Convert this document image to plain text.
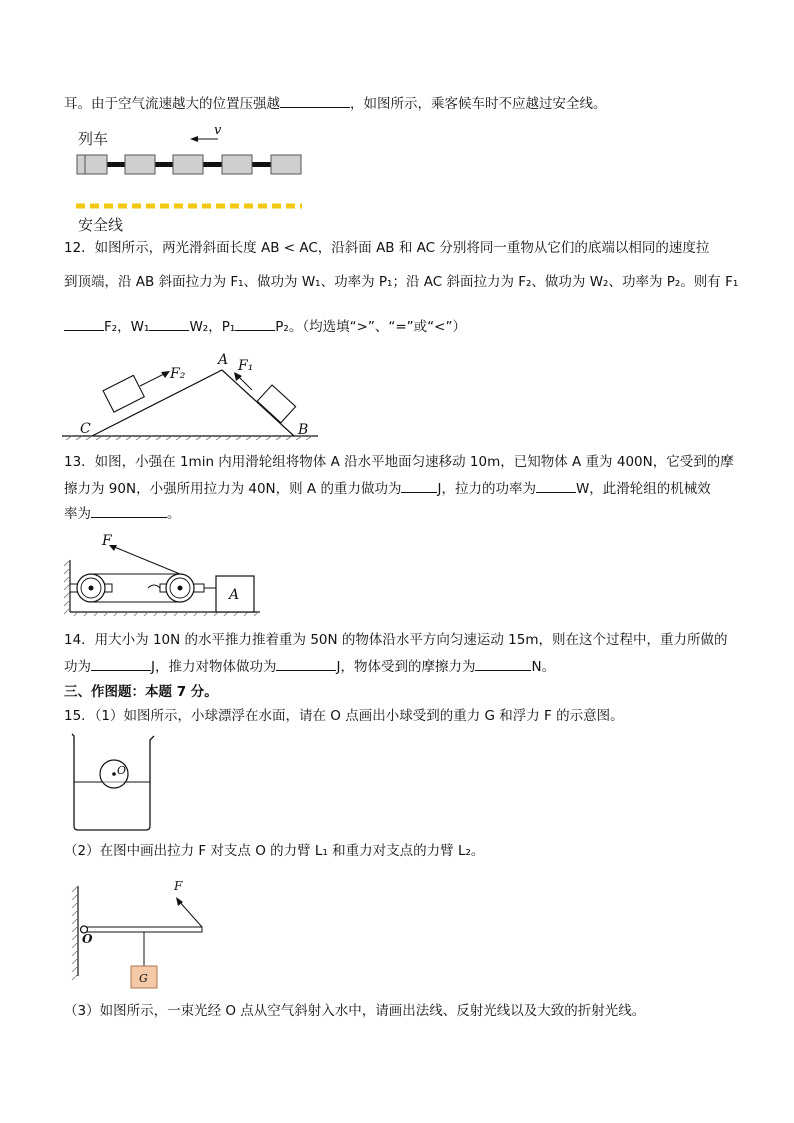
耳。由于空气流速越大的位置压强越	，如图所示，乘客候车时不应越过安全线。
列车	v
安全线
12．如图所示，两光滑斜面长度 AB < AC，沿斜面 AB 和 AC 分别将同一重物从它们的底端以相同的速度拉
到顶端，沿 AB 斜面拉力为 F₁、做功为 W₁、功率为 P₁；沿 AC 斜面拉力为 F₂、做功为 W₂、功率为 P₂。则有 F₁
F₂，W₁	W₂，P₁	P₂。（均选填“>”、“=”或“<”）
F₂
A F₁
B
C
13．如图，小强在 1min 内用滑轮组将物体 A 沿水平地面匀速移动 10m，已知物体 A 重为 400N，它受到的摩
擦力为 90N，小强所用拉力为 40N，则 A 的重力做功为	J，拉力的功率为	W，此滑轮组的机械效
率为	。
F
A
14．用大小为 10N 的水平推力推着重为 50N 的物体沿水平方向匀速运动 15m，则在这个过程中，重力所做的
功为	J，推力对物体做功为	J，物体受到的摩擦力为	N。
三、作图题：本题 7 分。
15．（1）如图所示，小球漂浮在水面，请在 O 点画出小球受到的重力 G 和浮力 F 的示意图。
O
（2）在图中画出拉力 F 对支点 O 的力臂 L₁ 和重力对支点的力臂 L₂。
O
F
G
（3）如图所示，一束光经 O 点从空气斜射入水中，请画出法线、反射光线以及大致的折射光线。
